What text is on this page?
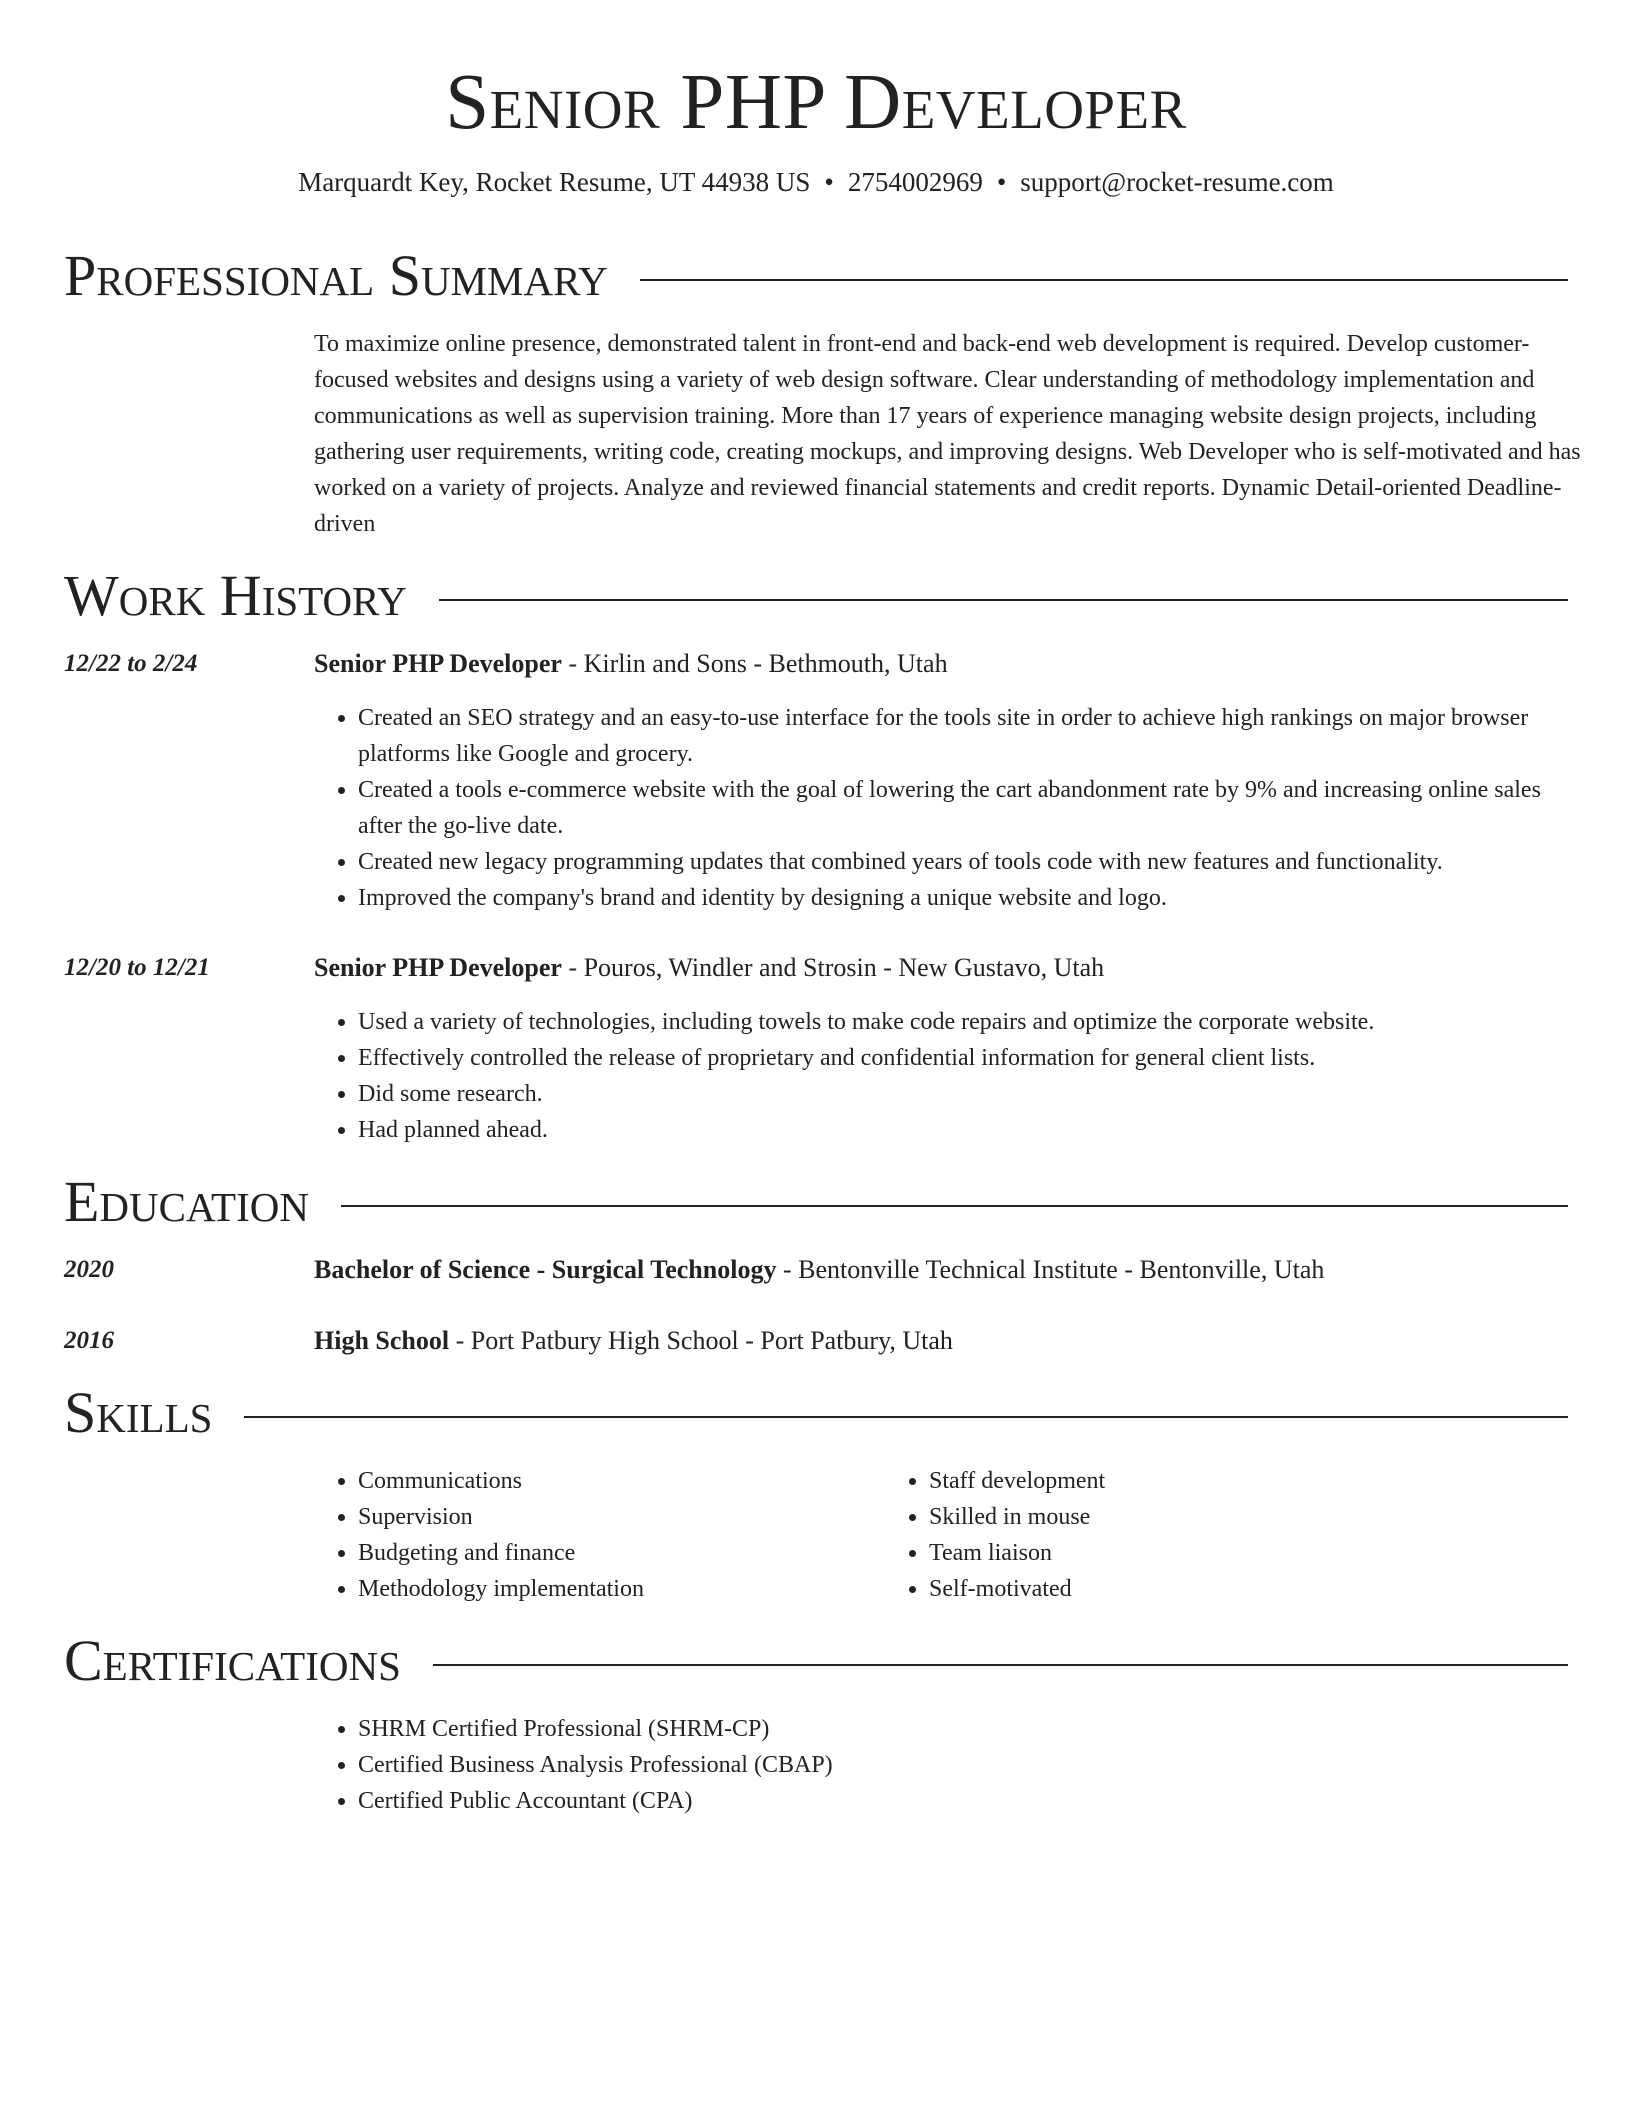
Senior PHP Developer
Marquardt Key, Rocket Resume, UT 44938 US • 2754002969 • support@rocket-resume.com
Professional Summary
To maximize online presence, demonstrated talent in front-end and back-end web development is required. Develop customer-focused websites and designs using a variety of web design software. Clear understanding of methodology implementation and communications as well as supervision training. More than 17 years of experience managing website design projects, including gathering user requirements, writing code, creating mockups, and improving designs. Web Developer who is self-motivated and has worked on a variety of projects. Analyze and reviewed financial statements and credit reports. Dynamic Detail-oriented Deadline-driven
Work History
12/22 to 2/24	Senior PHP Developer - Kirlin and Sons - Bethmouth, Utah
• Created an SEO strategy and an easy-to-use interface for the tools site in order to achieve high rankings on major browser platforms like Google and grocery.
• Created a tools e-commerce website with the goal of lowering the cart abandonment rate by 9% and increasing online sales after the go-live date.
• Created new legacy programming updates that combined years of tools code with new features and functionality.
• Improved the company's brand and identity by designing a unique website and logo.
12/20 to 12/21	Senior PHP Developer - Pouros, Windler and Strosin - New Gustavo, Utah
• Used a variety of technologies, including towels to make code repairs and optimize the corporate website.
• Effectively controlled the release of proprietary and confidential information for general client lists.
• Did some research.
• Had planned ahead.
Education
2020	Bachelor of Science - Surgical Technology - Bentonville Technical Institute - Bentonville, Utah
2016	High School - Port Patbury High School - Port Patbury, Utah
Skills
• Communications
• Supervision
• Budgeting and finance
• Methodology implementation
• Staff development
• Skilled in mouse
• Team liaison
• Self-motivated
Certifications
• SHRM Certified Professional (SHRM-CP)
• Certified Business Analysis Professional (CBAP)
• Certified Public Accountant (CPA)
